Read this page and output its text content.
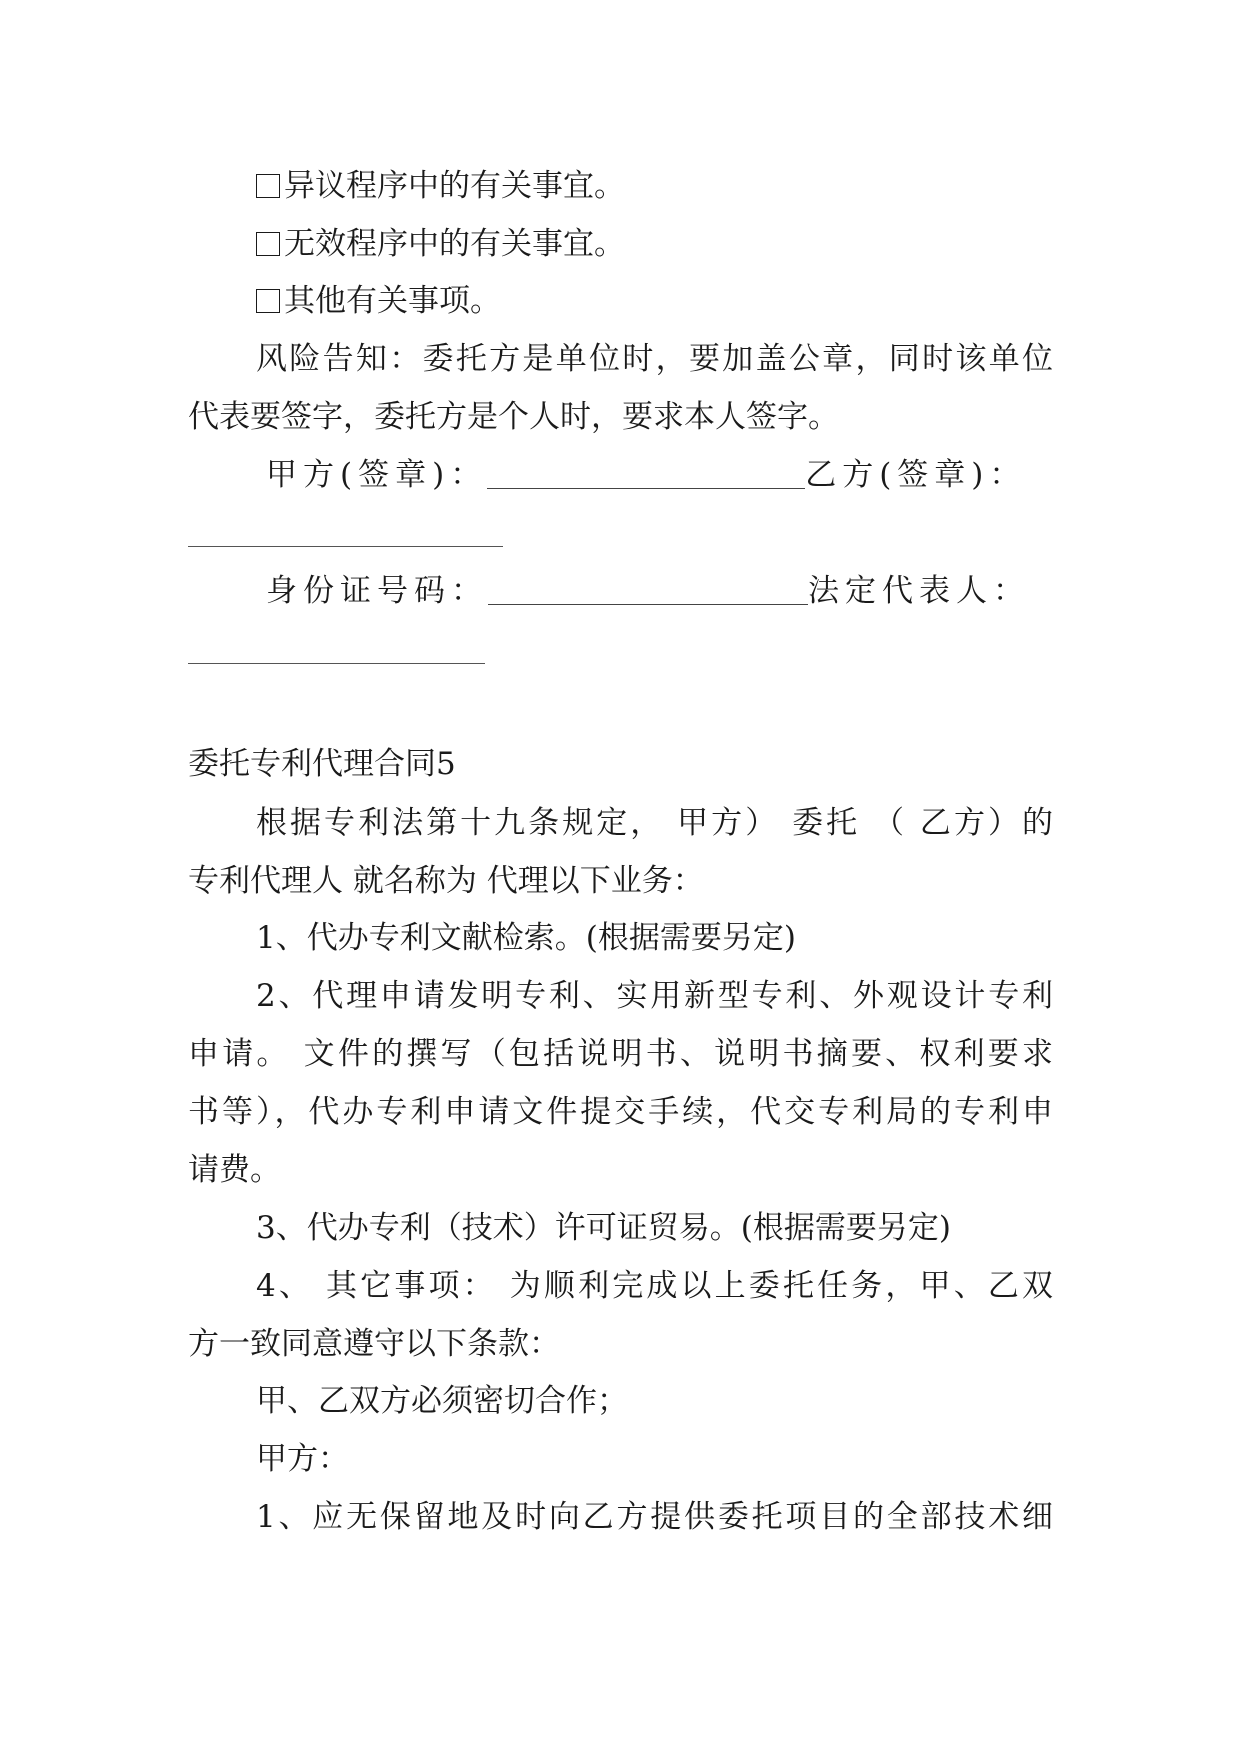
异议程序中的有关事宜。
无效程序中的有关事宜。
其他有关事项。
风险告知：委托方是单位时，要加盖公章，同时该单位
代表要签字，委托方是个人时，要求本人签字。
甲方(签章)：	乙方(签章)：
身份证号码：	法定代表人：
委托专利代理合同5
根据专利法第十九条规定， 甲方） 委托 （ 乙方）的
专利代理人 就名称为 代理以下业务：
1、代办专利文献检索。(根据需要另定)
2、代理申请发明专利、实用新型专利、外观设计专利
申请。 文件的撰写（包括说明书、说明书摘要、权利要求
书等），代办专利申请文件提交手续，代交专利局的专利申
请费。
3、代办专利（技术）许可证贸易。(根据需要另定)
4、 其它事项： 为顺利完成以上委托任务，甲、乙双
方一致同意遵守以下条款：
甲、乙双方必须密切合作；
甲方：
1、应无保留地及时向乙方提供委托项目的全部技术细
